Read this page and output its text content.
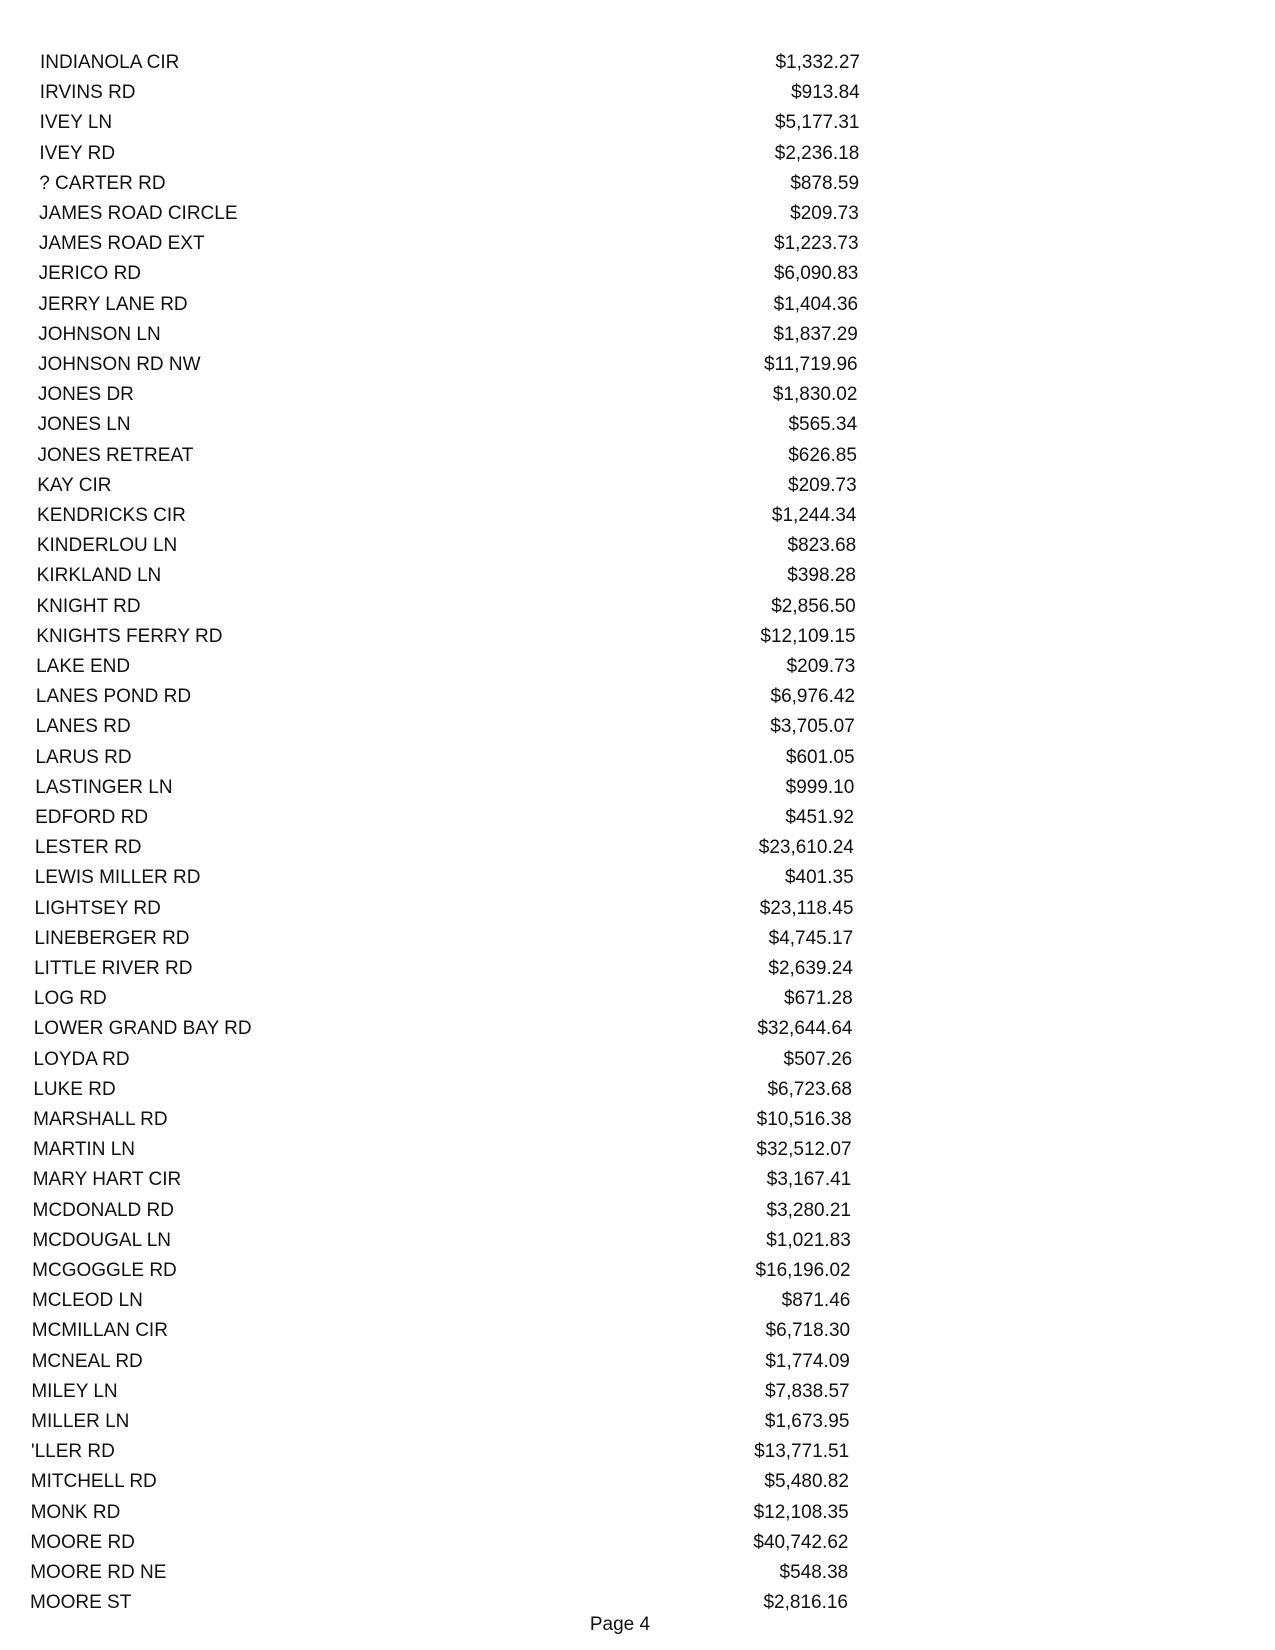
INDIANOLA CIR	$1,332.27
IRVINS RD	$913.84
IVEY LN	$5,177.31
IVEY RD	$2,236.18
? CARTER RD	$878.59
JAMES ROAD CIRCLE	$209.73
JAMES ROAD EXT	$1,223.73
JERICO RD	$6,090.83
JERRY LANE RD	$1,404.36
JOHNSON LN	$1,837.29
JOHNSON RD NW	$11,719.96
JONES DR	$1,830.02
JONES LN	$565.34
JONES RETREAT	$626.85
KAY CIR	$209.73
KENDRICKS CIR	$1,244.34
KINDERLOU LN	$823.68
KIRKLAND LN	$398.28
KNIGHT RD	$2,856.50
KNIGHTS FERRY RD	$12,109.15
LAKE END	$209.73
LANES POND RD	$6,976.42
LANES RD	$3,705.07
LARUS RD	$601.05
LASTINGER LN	$999.10
EDFORD RD	$451.92
LESTER RD	$23,610.24
LEWIS MILLER RD	$401.35
LIGHTSEY RD	$23,118.45
LINEBERGER RD	$4,745.17
LITTLE RIVER RD	$2,639.24
LOG RD	$671.28
LOWER GRAND BAY RD	$32,644.64
LOYDA RD	$507.26
LUKE RD	$6,723.68
MARSHALL RD	$10,516.38
MARTIN LN	$32,512.07
MARY HART CIR	$3,167.41
MCDONALD RD	$3,280.21
MCDOUGAL LN	$1,021.83
MCGOGGLE RD	$16,196.02
MCLEOD LN	$871.46
MCMILLAN CIR	$6,718.30
MCNEAL RD	$1,774.09
MILEY LN	$7,838.57
MILLER LN	$1,673.95
'LLER RD	$13,771.51
MITCHELL RD	$5,480.82
MONK RD	$12,108.35
MOORE RD	$40,742.62
MOORE RD NE	$548.38
MOORE ST	$2,816.16
Page 4
